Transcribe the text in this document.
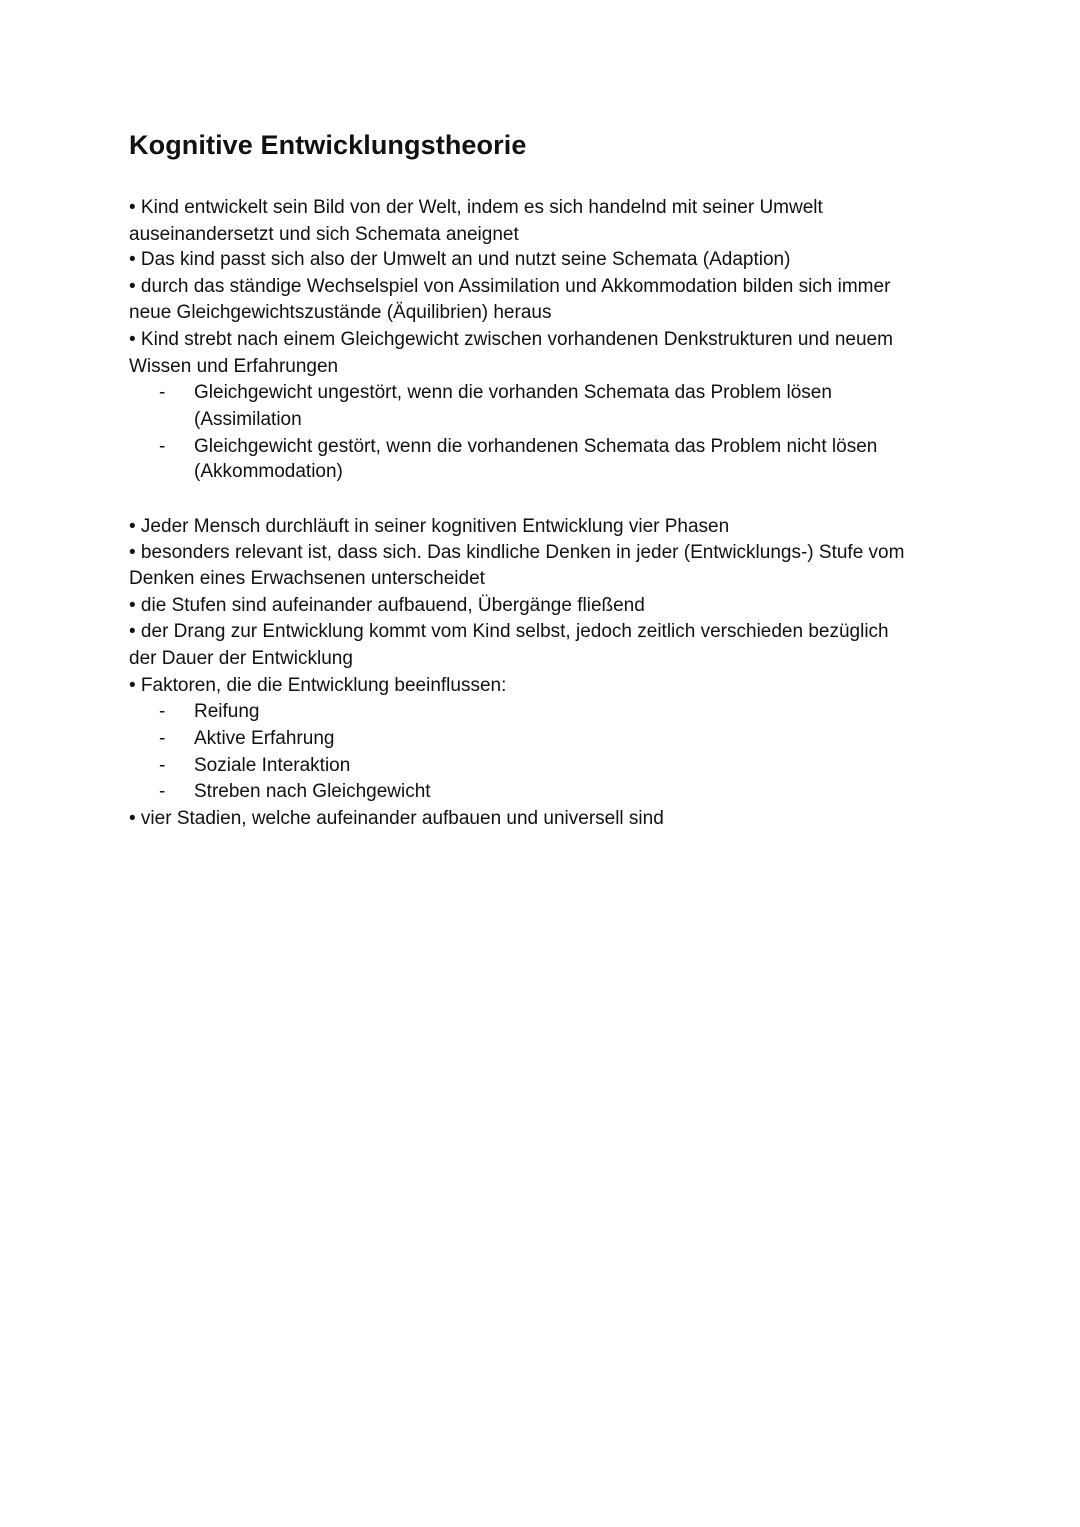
Kognitive Entwicklungstheorie
• Kind entwickelt sein Bild von der Welt, indem es sich handelnd mit seiner Umwelt
auseinandersetzt und sich Schemata aneignet
• Das kind passt sich also der Umwelt an und nutzt seine Schemata (Adaption)
• durch das ständige Wechselspiel von Assimilation und Akkommodation bilden sich immer
neue Gleichgewichtszustände (Äquilibrien) heraus
• Kind strebt nach einem Gleichgewicht zwischen vorhandenen Denkstrukturen und neuem
Wissen und Erfahrungen
- Gleichgewicht ungestört, wenn die vorhanden Schemata das Problem lösen
(Assimilation
- Gleichgewicht gestört, wenn die vorhandenen Schemata das Problem nicht lösen
(Akkommodation)
• Jeder Mensch durchläuft in seiner kognitiven Entwicklung vier Phasen
• besonders relevant ist, dass sich. Das kindliche Denken in jeder (Entwicklungs-) Stufe vom
Denken eines Erwachsenen unterscheidet
• die Stufen sind aufeinander aufbauend, Übergänge fließend
• der Drang zur Entwicklung kommt vom Kind selbst, jedoch zeitlich verschieden bezüglich
der Dauer der Entwicklung
• Faktoren, die die Entwicklung beeinflussen:
- Reifung
- Aktive Erfahrung
- Soziale Interaktion
- Streben nach Gleichgewicht
• vier Stadien, welche aufeinander aufbauen und universell sind
